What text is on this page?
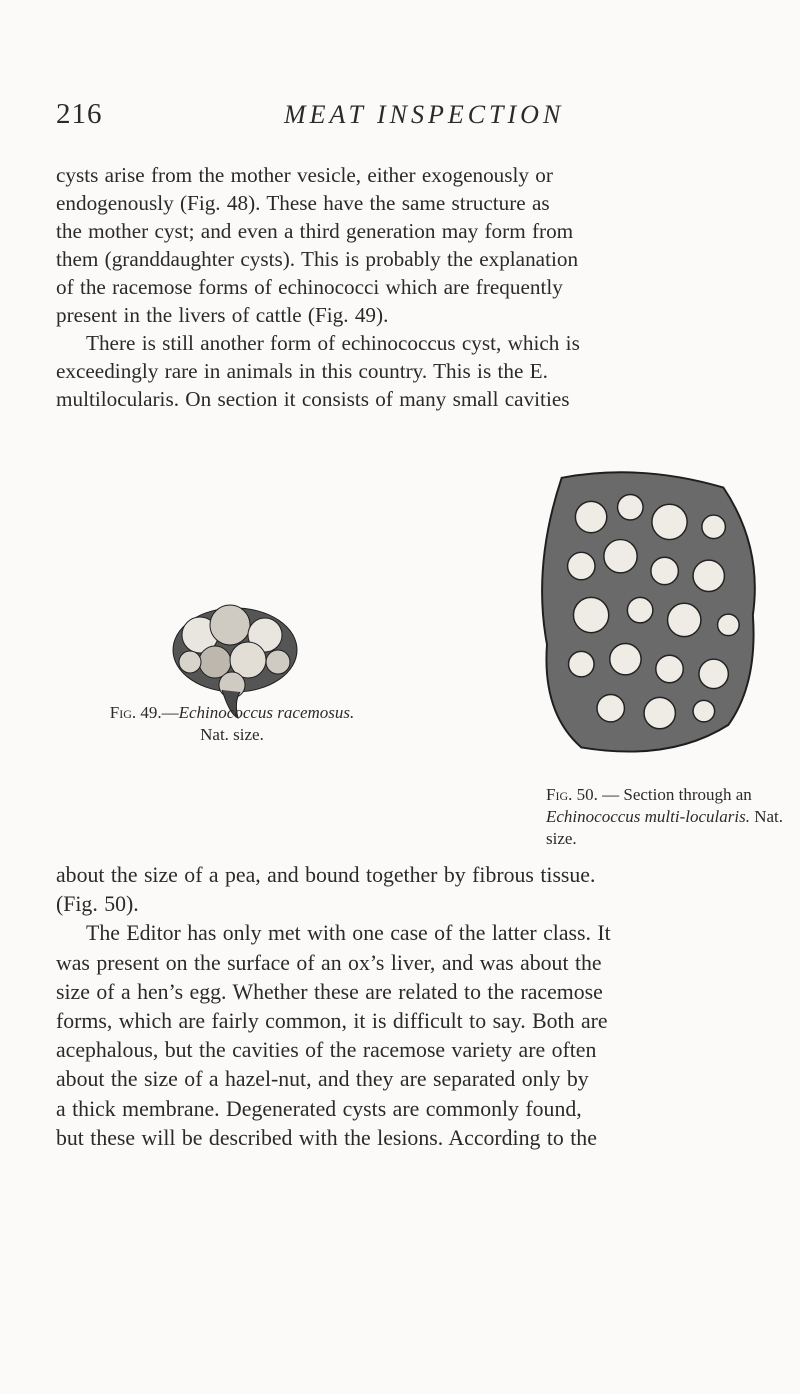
216	MEAT INSPECTION

cysts arise from the mother vesicle, either exogenously or
endogenously (Fig. 48). These have the same structure as
the mother cyst; and even a third generation may form from
them (granddaughter cysts). This is probably the explanation
of the racemose forms of echinococci which are frequently
present in the livers of cattle (Fig. 49).
There is still another form of echinococcus cyst, which is
exceedingly rare in animals in this country. This is the E.
multilocularis. On section it consists of many small cavities

Fig. 49.—Echinococcus racemosus.
Nat. size.
Fig. 50. — Section through an
Echinococcus multi-locularis. Nat. size.

about the size of a pea, and bound together by fibrous tissue.
(Fig. 50).
The Editor has only met with one case of the latter class. It
was present on the surface of an ox’s liver, and was about the
size of a hen’s egg. Whether these are related to the racemose
forms, which are fairly common, it is difficult to say. Both are
acephalous, but the cavities of the racemose variety are often
about the size of a hazel-nut, and they are separated only by
a thick membrane. Degenerated cysts are commonly found,
but these will be described with the lesions. According to the
